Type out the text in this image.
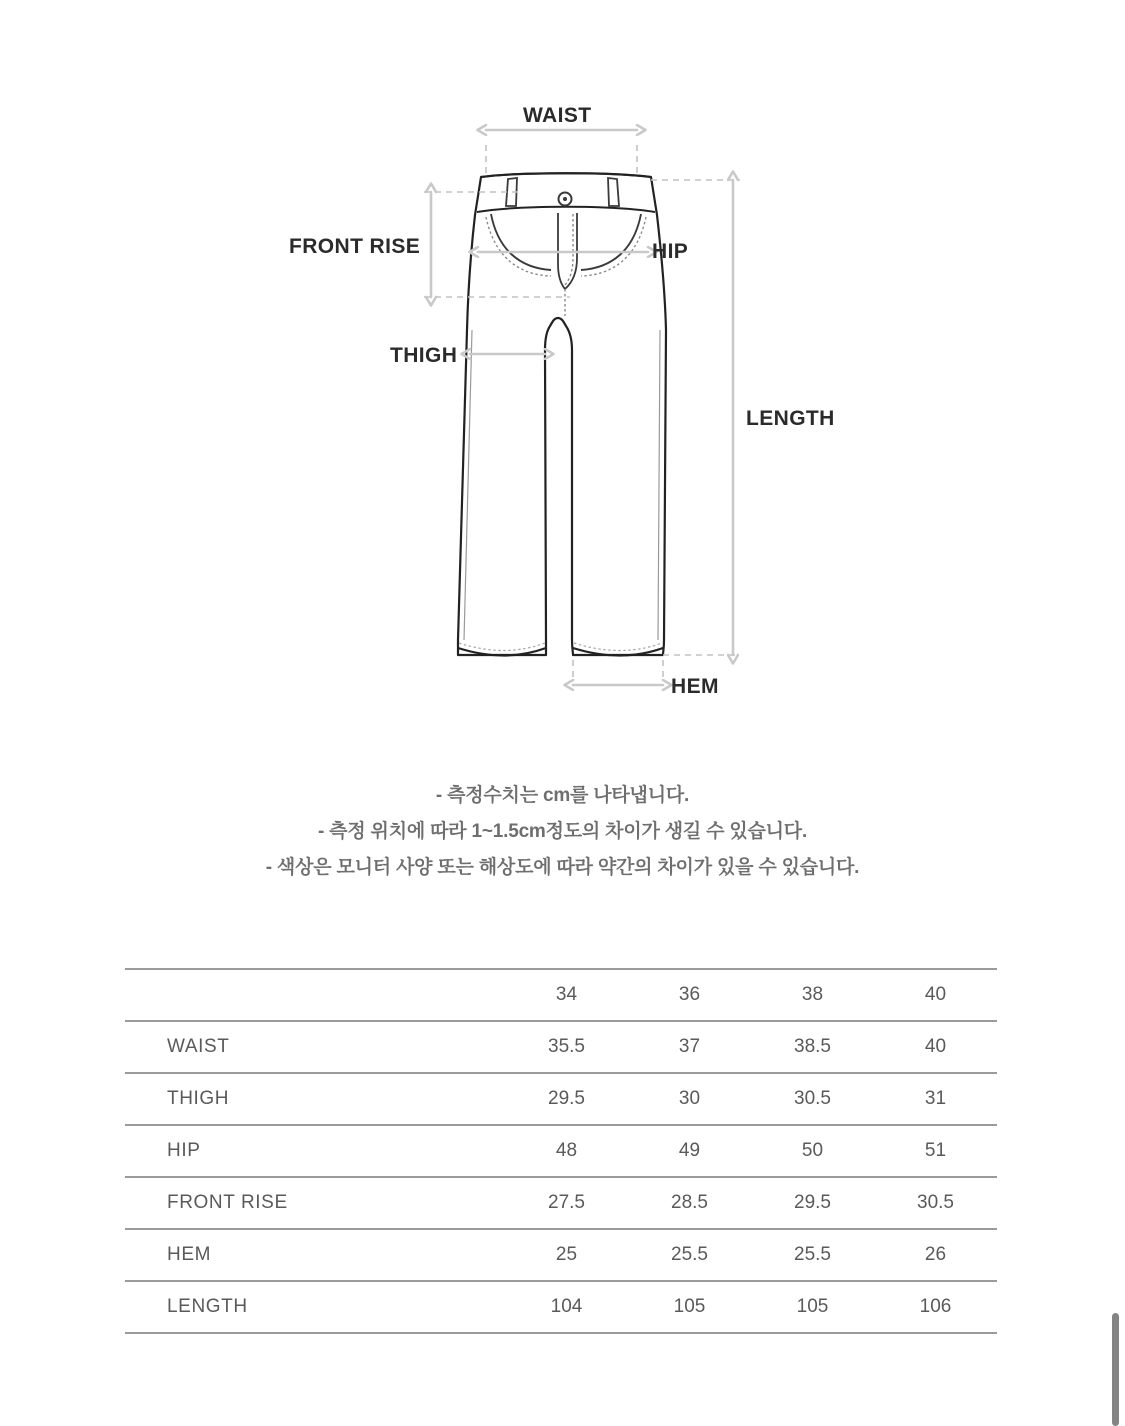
WAIST
HIP
FRONT RISE
THIGH
LENGTH
HEM
- 측정수치는 cm를 나타냅니다.
- 측정 위치에 따라 1~1.5cm정도의 차이가 생길 수 있습니다.
- 색상은 모니터 사양 또는 해상도에 따라 약간의 차이가 있을 수 있습니다.
	34	36	38	40
WAIST	35.5	37	38.5	40
THIGH	29.5	30	30.5	31
HIP	48	49	50	51
FRONT RISE	27.5	28.5	29.5	30.5
HEM	25	25.5	25.5	26
LENGTH	104	105	105	106
